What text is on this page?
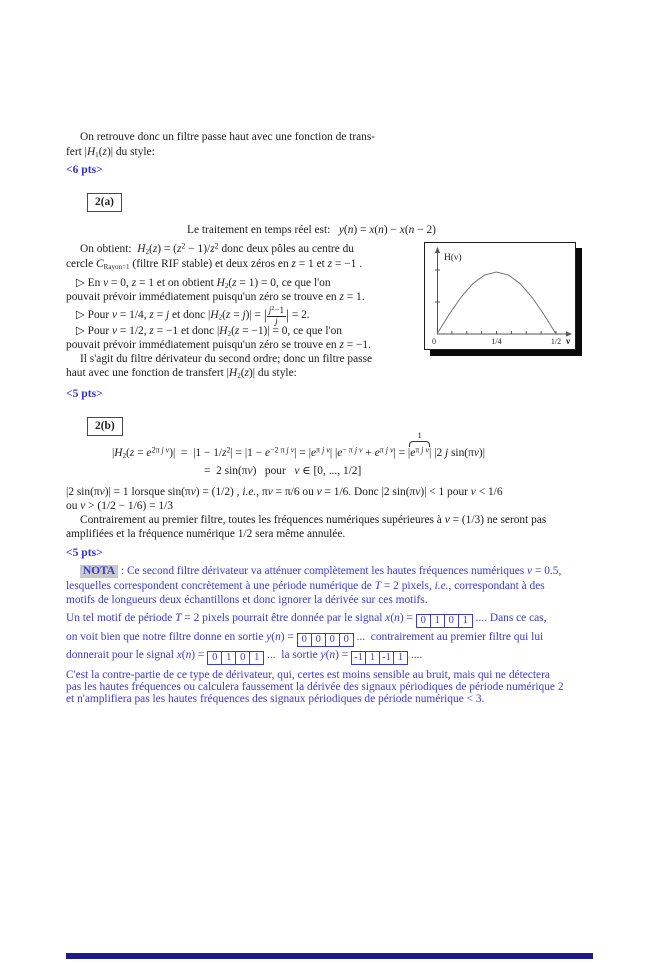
On retrouve donc un filtre passe haut avec une fonction de trans-
fert $|H_1(z)|$ du style:
<6 pts>
2(a)
Le traitement en temps réel est:   y(n) = x(n) − x(n − 2)
On obtient:  $H_2(z) = (z^2 - 1)/z^2$ donc deux pôles au centre du
cercle $C_{Rayon=1}$ (filtre RIF stable) et deux zéros en z = 1 et z = −1 .
▷ En ν = 0, z = 1 et on obtient $H_2(z = 1) = 0$, ce que l'on
pouvait prévoir immédiatement puisqu'un zéro se trouve en z = 1.
▷ Pour ν = 1/4, z = j et donc $|H_2(z = j)|$ = | $\frac{j^2-1}{j}$ | = 2.
▷ Pour ν = 1/2, z = −1 et donc $|H_2(z = -1)| = 0$, ce que l'on
pouvait prévoir immédiatement puisqu'un zéro se trouve en z = −1.
Il s'agit du filtre dérivateur du second ordre; donc un filtre passe
haut avec une fonction de transfert $|H_2(z)|$ du style:
H(ν)
0	1/4	1/2 ν
<5 pts>
2(b)
$|H_2(z = e^{2\pi j \nu})| = |1 - 1/z^2| = |1 - e^{-2 \pi j \nu}| = |e^{\pi j \nu}|$ $|e^{- \pi j \nu} + e^{\pi j \nu}|$ =
1
$|e^{\pi j \nu}|$ |2 j sin(πν)|
=  2 sin(πν)   pour   ν ∈ [0, ..., 1/2]
|2 sin(πν)| = 1 lorsque sin(πν) = (1/2) , i.e., πν = π/6 ou ν = 1/6. Donc |2 sin(πν)| < 1 pour ν < 1/6
ou ν > (1/2 − 1/6) = 1/3
Contrairement au premier filtre, toutes les fréquences numériques supérieures à ν = (1/3) ne seront pas
amplifiées et la fréquence numérique 1/2 sera même annulée.
<5 pts>
NOTA : Ce second filtre dérivateur va atténuer complètement les hautes fréquences numériques ν = 0.5,
lesquelles correspondent concrètement à une période numérique de T = 2 pixels, i.e., correspondant à des
motifs de longueurs deux échantillons et donc ignorer la dérivée sur ces motifs.
Un tel motif de période T = 2 pixels pourrait être donnée par le signal x(n) = 0 1 0 1 .... Dans ce cas,
on voit bien que notre filtre donne en sortie y(n) = 0 0 0 0 ...  contrairement au premier filtre qui lui
donnerait pour le signal x(n) = 0 1 0 1 ...  la sortie y(n) = -1 1 -1 1 ....
C'est la contre-partie de ce type de dérivateur, qui, certes est moins sensible au bruit, mais qui ne détectera
pas les hautes fréquences ou calculera faussement la dérivée des signaux périodiques de période numérique 2
et n'amplifiera pas les hautes fréquences des signaux périodiques de période numérique < 3.
